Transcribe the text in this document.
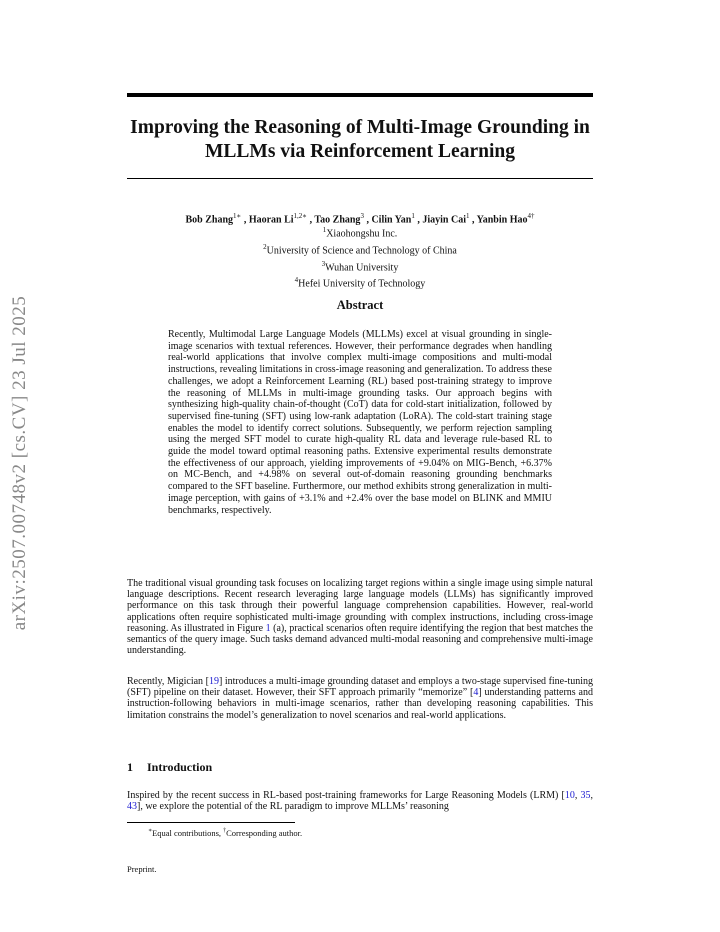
arXiv:2507.00748v2 [cs.CV] 23 Jul 2025
Improving the Reasoning of Multi-Image Grounding in MLLMs via Reinforcement Learning
Bob Zhang$^{1∗}$ , Haoran $Li^{1,2∗}$ , Tao Zhang$^3$ , Cilin Yan$^1$ , Jiayin Cai$^1$ , Yanbin Hao$^{4\dagger}$
$^1$Xiaohongshu Inc.
$^2$University of Science and Technology of China
$^3$Wuhan University
$^4$Hefei University of Technology
Abstract
Recently, Multimodal Large Language Models (MLLMs) excel at visual grounding in single-image scenarios with textual references. However, their performance degrades when handling real-world applications that involve complex multi-image compositions and multi-modal instructions, revealing limitations in cross-image reasoning and generalization. To address these challenges, we adopt a Reinforcement Learning (RL) based post-training strategy to improve the reasoning of MLLMs in multi-image grounding tasks. Our approach begins with synthesizing high-quality chain-of-thought (CoT) data for cold-start initialization, followed by supervised fine-tuning (SFT) using low-rank adaptation (LoRA). The cold-start training stage enables the model to identify correct solutions. Subsequently, we perform rejection sampling using the merged SFT model to curate high-quality RL data and leverage rule-based RL to guide the model toward optimal reasoning paths. Extensive experimental results demonstrate the effectiveness of our approach, yielding improvements of +9.04% on MIG-Bench, +6.37% on MC-Bench, and +4.98% on several out-of-domain reasoning grounding benchmarks compared to the SFT baseline. Furthermore, our method exhibits strong generalization in multi-image perception, with gains of +3.1% and +2.4% over the base model on BLINK and MMIU benchmarks, respectively.
The traditional visual grounding task focuses on localizing target regions within a single image using simple natural language descriptions. Recent research leveraging large language models (LLMs) has significantly improved performance on this task through their powerful language comprehension capabilities. However, real-world applications often require sophisticated multi-image grounding with complex instructions, including cross-image reasoning. As illustrated in Figure 1 (a), practical scenarios often require identifying the region that best matches the semantics of the query image. Such tasks demand advanced multi-modal reasoning and comprehensive multi-image understanding.
Recently, Migician [19] introduces a multi-image grounding dataset and employs a two-stage supervised fine-tuning (SFT) pipeline on their dataset. However, their SFT approach primarily “memorize” [4] understanding patterns and instruction-following behaviors in multi-image scenarios, rather than developing reasoning capabilities. This limitation constrains the model’s generalization to novel scenarios and real-world applications.
1 Introduction
Inspired by the recent success in RL-based post-training frameworks for Large Reasoning Models (LRM) [10, 35, 43], we explore the potential of the RL paradigm to improve MLLMs’ reasoning
∗Equal contributions, †Corresponding author.
Preprint.
